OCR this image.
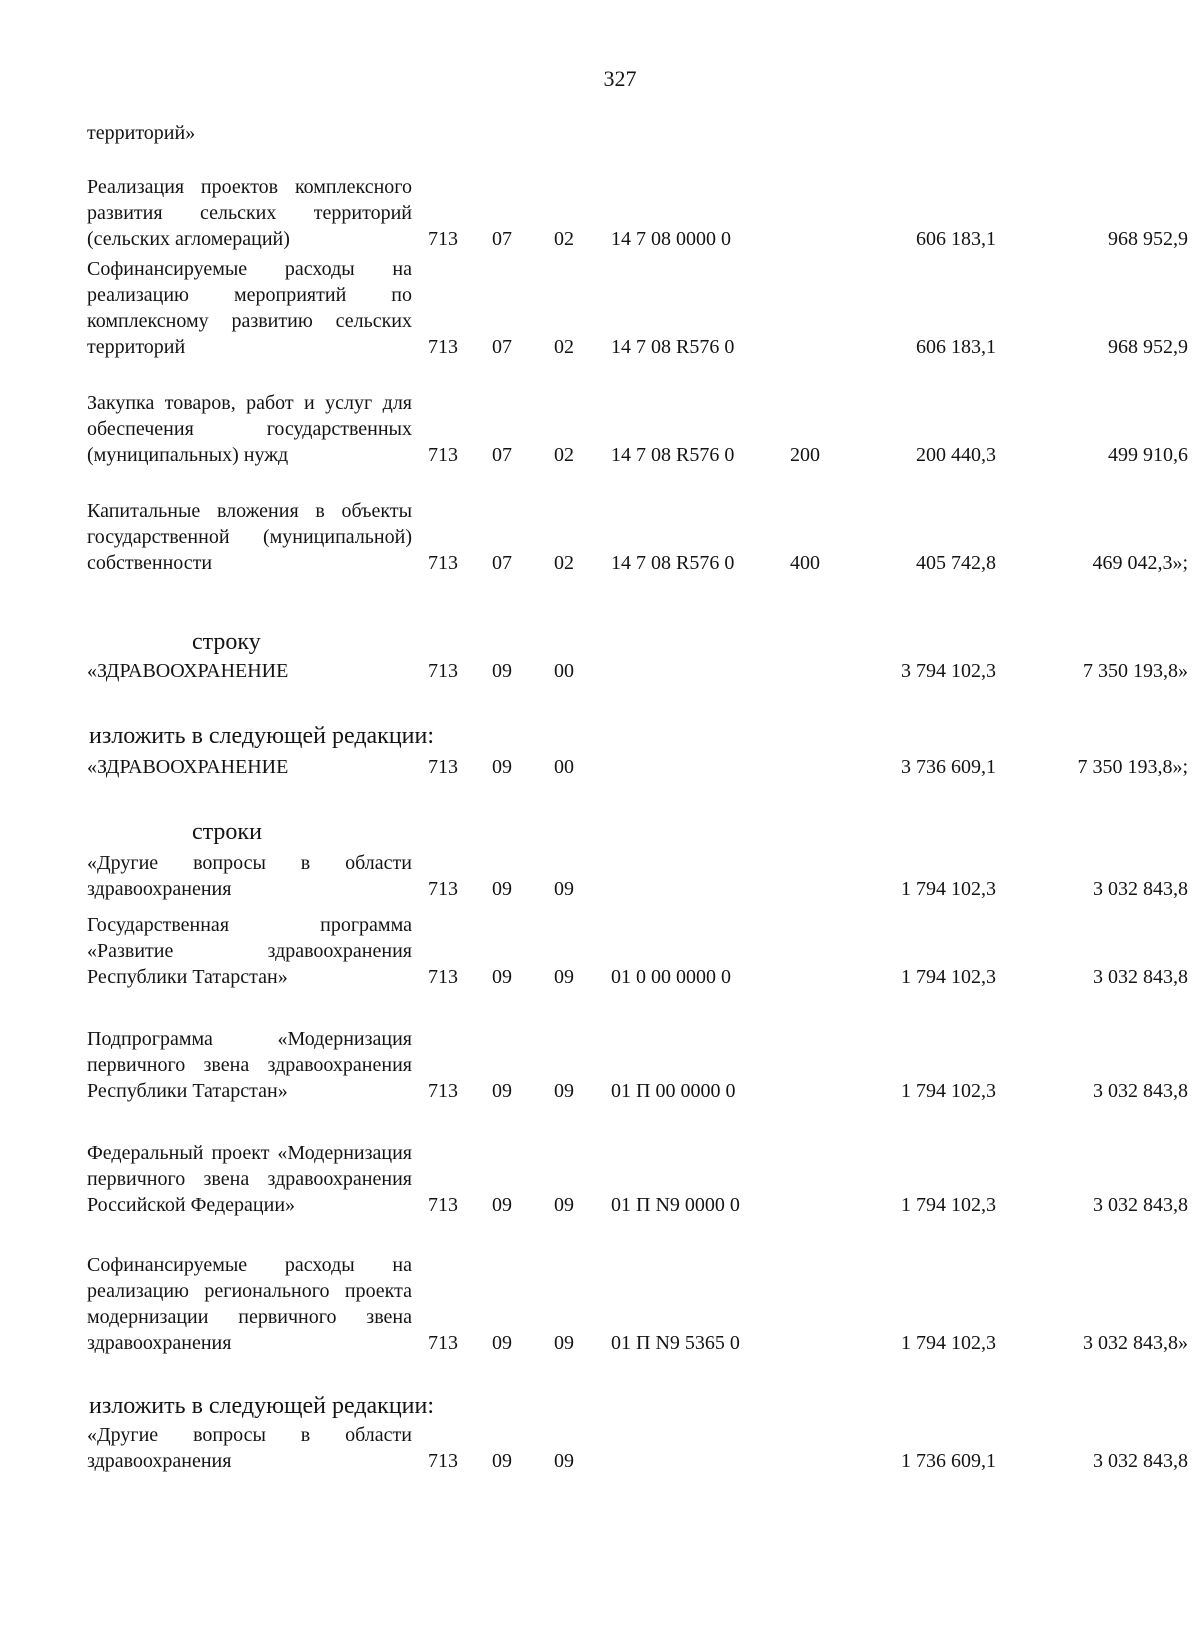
327
территорий»
Реализация проектов комплексного развития сельских территорий (сельских агломераций)	713 07 02 14 7 08 0000 0	606 183,1	968 952,9
Софинансируемые расходы на реализацию мероприятий по комплексному развитию сельских территорий	713 07 02 14 7 08 R576 0	606 183,1	968 952,9
Закупка товаров, работ и услуг для обеспечения государственных (муниципальных) нужд	713 07 02 14 7 08 R576 0	200	200 440,3	499 910,6
Капитальные вложения в объекты государственной (муниципальной) собственности	713 07 02 14 7 08 R576 0	400	405 742,8	469 042,3»;
строку
«ЗДРАВООХРАНЕНИЕ	713 09 00	3 794 102,3	7 350 193,8»
изложить в следующей редакции:
«ЗДРАВООХРАНЕНИЕ	713 09 00	3 736 609,1	7 350 193,8»;
строки
«Другие вопросы в области здравоохранения	713 09 09	1 794 102,3	3 032 843,8
Государственная программа «Развитие здравоохранения Республики Татарстан»	713 09 09 01 0 00 0000 0	1 794 102,3	3 032 843,8
Подпрограмма «Модернизация первичного звена здравоохранения Республики Татарстан»	713 09 09 01 П 00 0000 0	1 794 102,3	3 032 843,8
Федеральный проект «Модернизация первичного звена здравоохранения Российской Федерации»	713 09 09 01 П N9 0000 0	1 794 102,3	3 032 843,8
Софинансируемые расходы на реализацию регионального проекта модернизации первичного звена здравоохранения	713 09 09 01 П N9 5365 0	1 794 102,3	3 032 843,8»
изложить в следующей редакции:
«Другие вопросы в области здравоохранения	713 09 09	1 736 609,1	3 032 843,8
